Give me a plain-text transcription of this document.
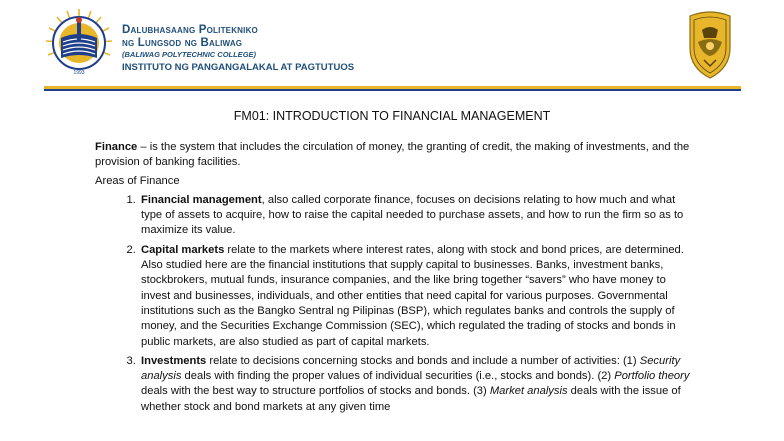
1993
Dalubhasaang Politekniko
ng Lungsod ng Baliwag
(BALIWAG POLYTECHNIC COLLEGE)
INSTITUTO NG PANGANGALAKAL AT PAGTUTUOS
FM01: INTRODUCTION TO FINANCIAL MANAGEMENT

Finance – is the system that includes the circulation of money, the granting of credit, the making of investments, and the provision of banking facilities.

Areas of Finance
1. Financial management, also called corporate finance, focuses on decisions relating to how much and what type of assets to acquire, how to raise the capital needed to purchase assets, and how to run the firm so as to maximize its value.
2. Capital markets relate to the markets where interest rates, along with stock and bond prices, are determined. Also studied here are the financial institutions that supply capital to businesses. Banks, investment banks, stockbrokers, mutual funds, insurance companies, and the like bring together “savers” who have money to invest and businesses, individuals, and other entities that need capital for various purposes. Governmental institutions such as the Bangko Sentral ng Pilipinas (BSP), which regulates banks and controls the supply of money, and the Securities Exchange Commission (SEC), which regulated the trading of stocks and bonds in public markets, are also studied as part of capital markets.
3. Investments relate to decisions concerning stocks and bonds and include a number of activities: (1) Security analysis deals with finding the proper values of individual securities (i.e., stocks and bonds). (2) Portfolio theory deals with the best way to structure portfolios of stocks and bonds. (3) Market analysis deals with the issue of whether stock and bond markets at any given time
